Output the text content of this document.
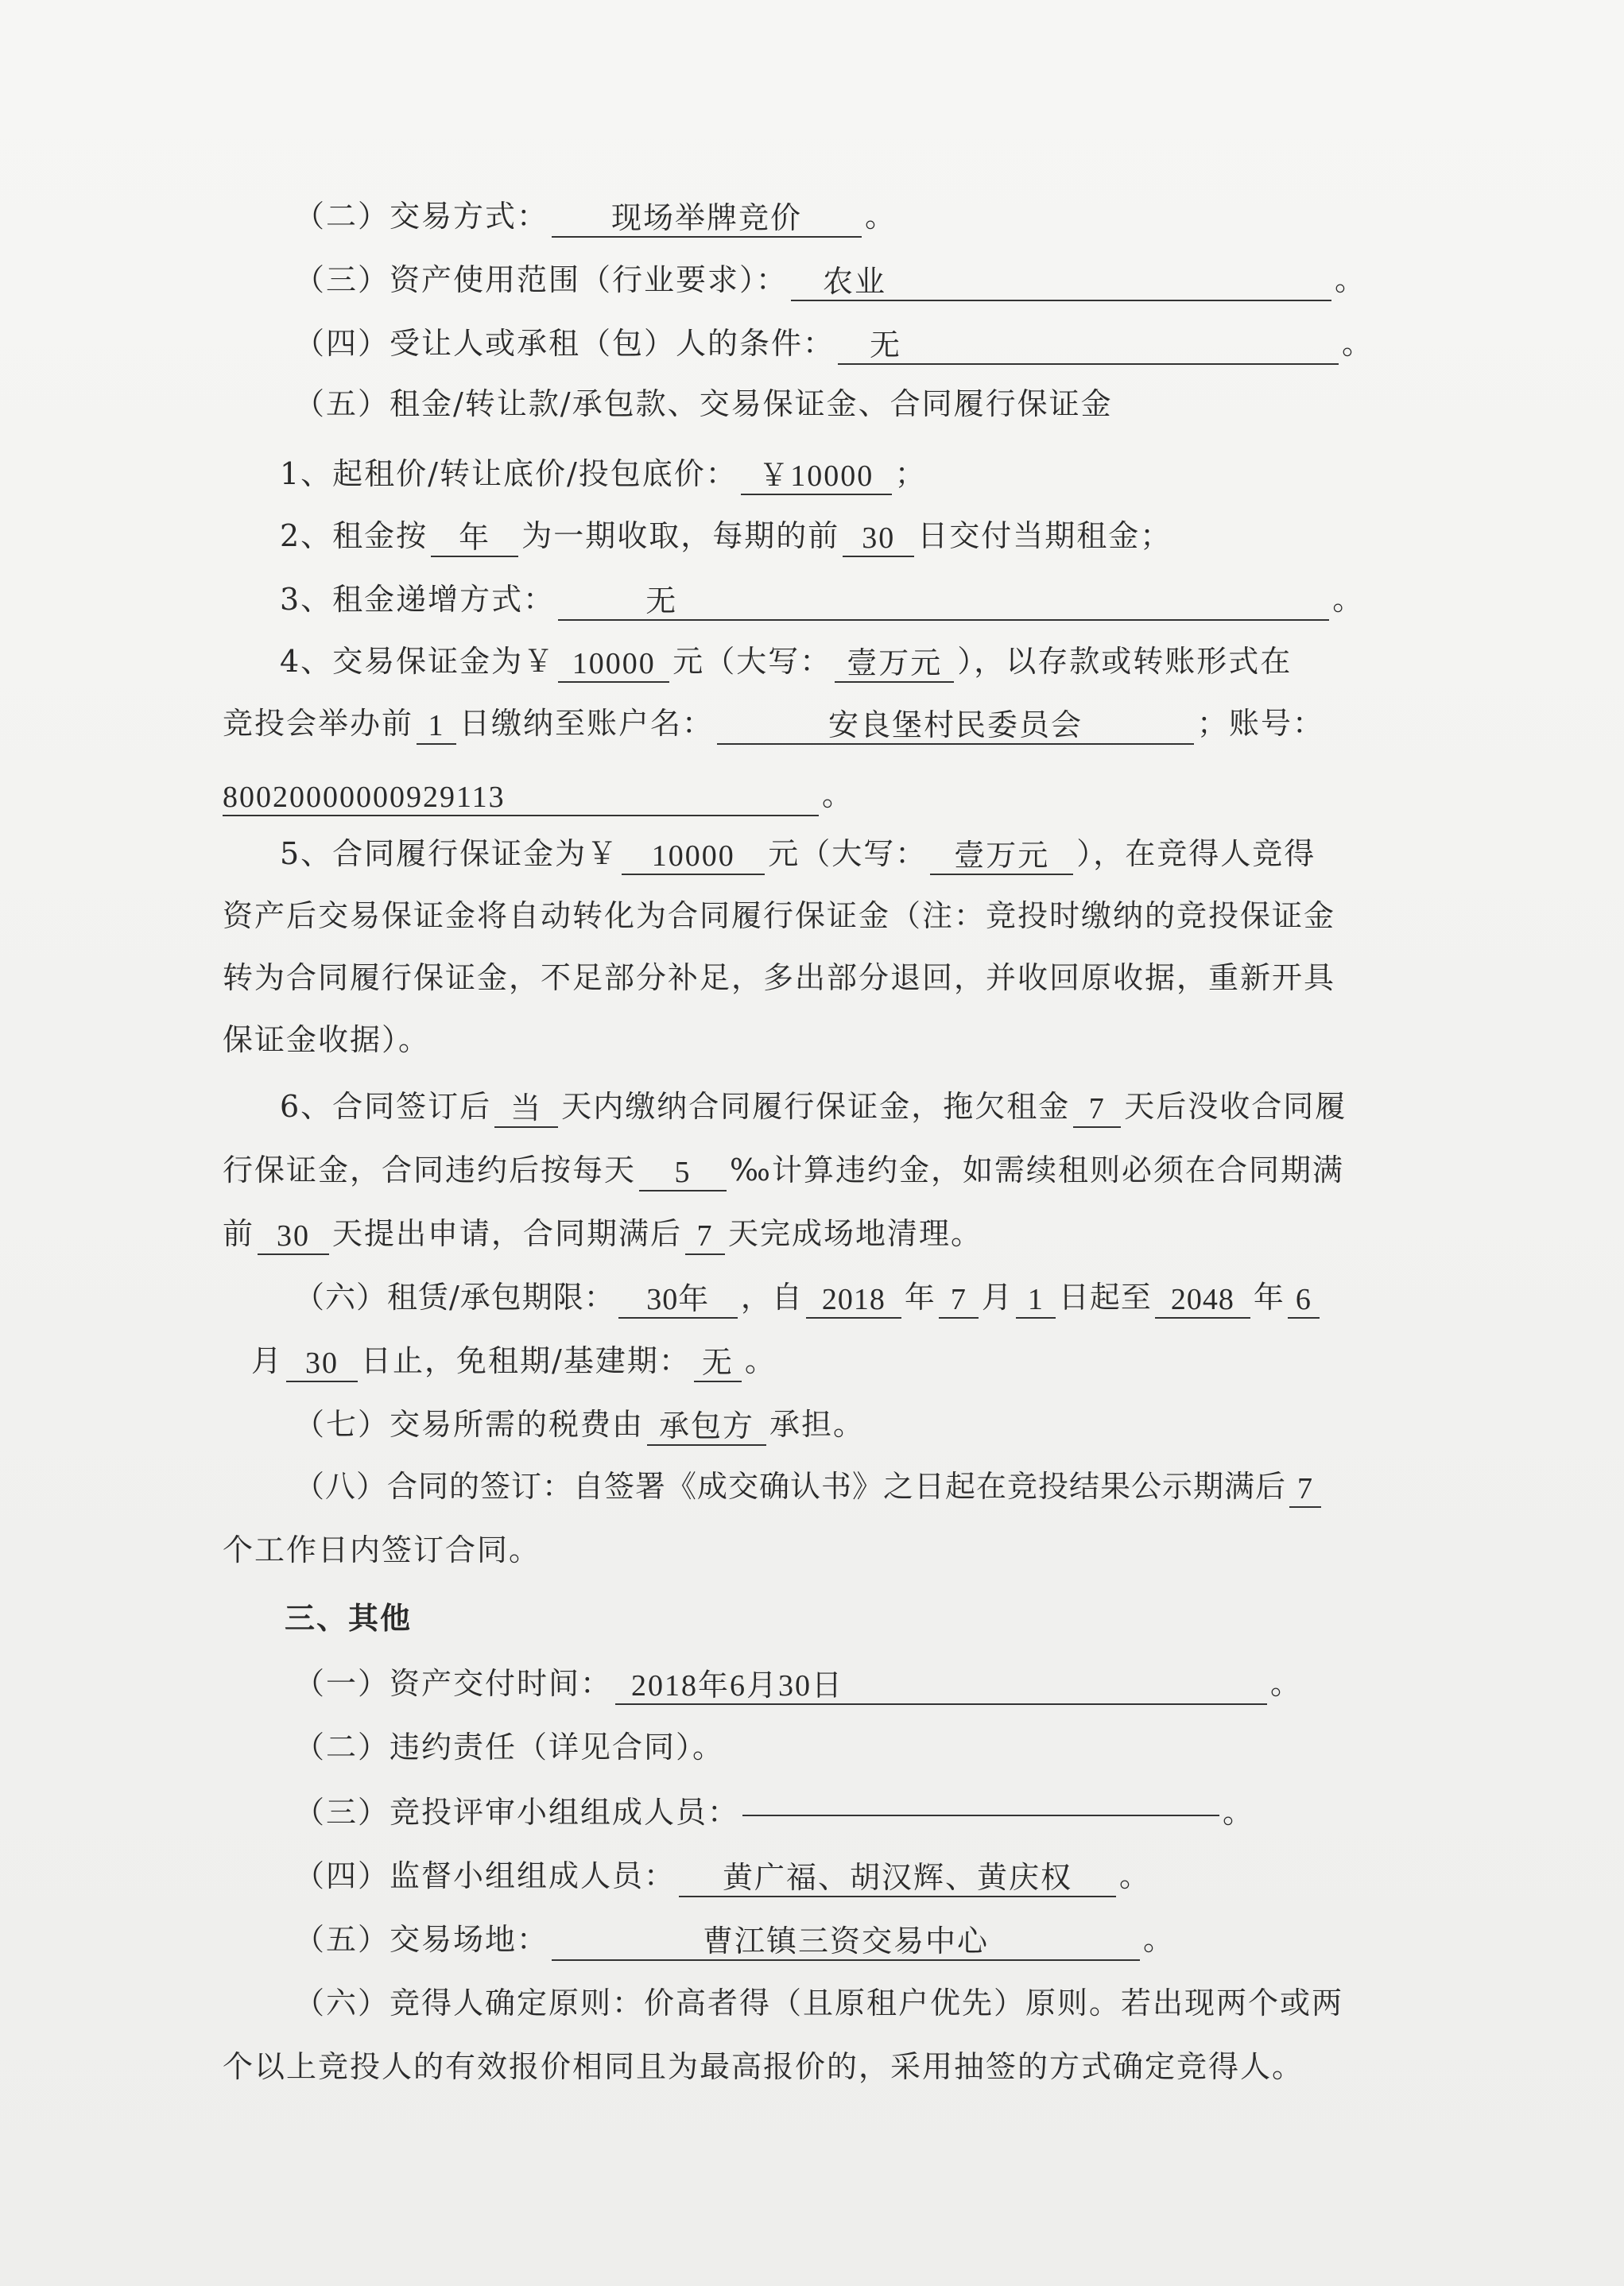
（二）交易方式： 现场举牌竞价 。
（三）资产使用范围（行业要求）： 农业	。
（四）受让人或承租（包）人的条件： 无	。
（五）租金/转让款/承包款、交易保证金、合同履行保证金
1、起租价/转让底价/投包底价： ￥10000 ；
2、租金按 年 为一期收取，每期的前 30 日交付当期租金；
3、租金递增方式：	无	。
4、交易保证金为￥ 10000 元（大写： 壹万元 ），以存款或转账形式在
竞投会举办前 1 日缴纳至账户名：	安良堡村民委员会	；账号：
80020000000929113	。
5、合同履行保证金为￥ 10000 元（大写： 壹万元 ），在竞得人竞得
资产后交易保证金将自动转化为合同履行保证金（注：竞投时缴纳的竞投保证金
转为合同履行保证金，不足部分补足，多出部分退回，并收回原收据，重新开具
保证金收据）。
6、合同签订后 当 天内缴纳合同履行保证金，拖欠租金 7 天后没收合同履
行保证金，合同违约后按每天 5 ‰计算违约金，如需续租则必须在合同期满
前 30 天提出申请，合同期满后 7 天完成场地清理。
（六）租赁/承包期限： 30年 ，自 2018 年 7 月 1 日起至 2048 年 6
月 30 日止，免租期/基建期： 无 。
（七）交易所需的税费由 承包方 承担。
（八）合同的签订：自签署《成交确认书》之日起在竞投结果公示期满后 7
个工作日内签订合同。
三、其他
（一）资产交付时间： 2018年6月30日	。
（二）违约责任（详见合同）。
（三）竞投评审小组组成人员：	。
（四）监督小组组成人员： 黄广福、胡汉辉、黄庆权 。
（五）交易场地：	曹江镇三资交易中心	。
（六）竞得人确定原则：价高者得（且原租户优先）原则。若出现两个或两
个以上竞投人的有效报价相同且为最高报价的，采用抽签的方式确定竞得人。
